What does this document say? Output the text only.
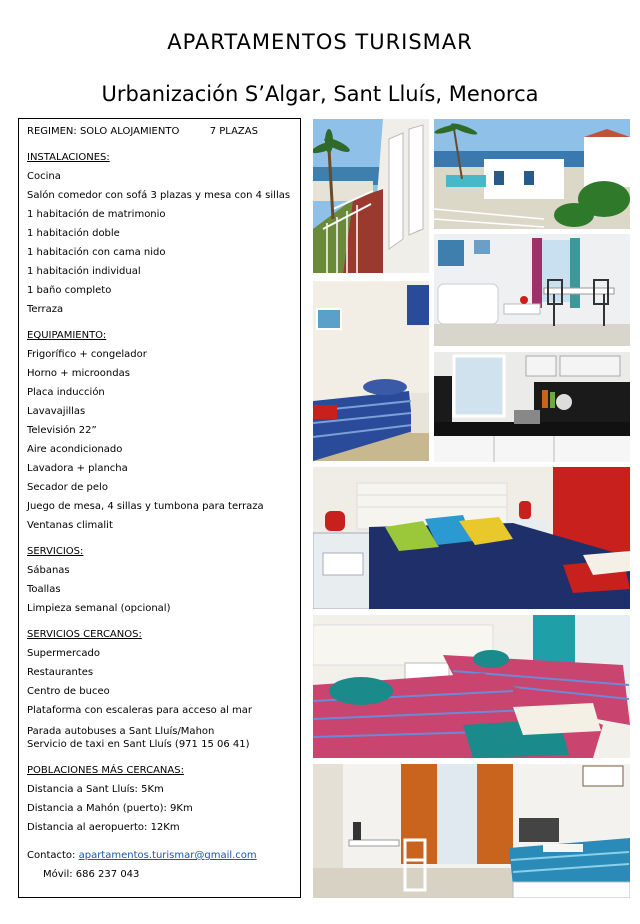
APARTAMENTOS TURISMAR
Urbanización S’Algar, Sant Lluís, Menorca
REGIMEN: SOLO ALOJAMIENTO	7 PLAZAS
INSTALACIONES:
Cocina
Salón comedor con sofá 3 plazas y mesa con 4 sillas
1 habitación de matrimonio
1 habitación doble
1 habitación con cama nido
1 habitación individual
1 baño completo
Terraza
EQUIPAMIENTO:
Frigorífico + congelador
Horno + microondas
Placa inducción
Lavavajillas
Televisión 22”
Aire acondicionado
Lavadora + plancha
Secador de pelo
Juego de mesa, 4 sillas y tumbona para terraza
Ventanas climalit
SERVICIOS:
Sábanas
Toallas
Limpieza semanal (opcional)
SERVICIOS CERCANOS:
Supermercado
Restaurantes
Centro de buceo
Plataforma con escaleras para acceso al mar
Parada autobuses a Sant Lluís/Mahon
Servicio de taxi en Sant Lluís (971 15 06 41)
POBLACIONES MÁS CERCANAS:
Distancia a Sant Lluís: 5Km
Distancia a Mahón (puerto): 9Km
Distancia al aeropuerto: 12Km
Contacto: apartamentos.turismar@gmail.com
Móvil: 686 237 043
